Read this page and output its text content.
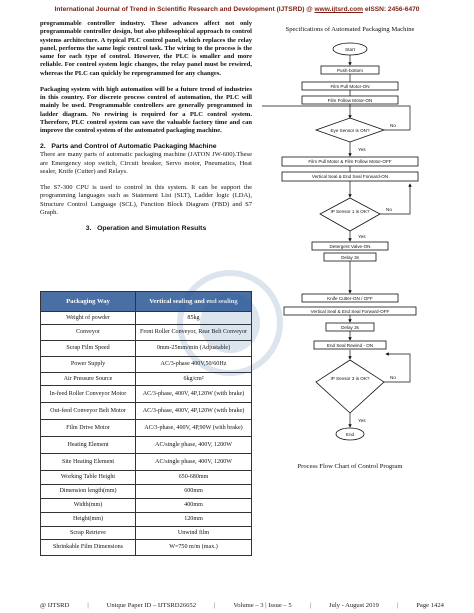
International Journal of Trend in Scientific Research and Development (IJTSRD) @ www.ijtsrd.com eISSN: 2456-6470

programmable controller industry. These advances affect not only programmable controller design, but also philosophical approach to control systems architecture. A typical PLC control panel, which replaces the relay panel, performs the same logic control task. The wiring to the process is the same for each type of control. However, the PLC is smaller and more reliable. For control system logic changes, the relay panel must be rewired, whereas the PLC can quickly be reprogrammed for any changes.

Packaging system with high automation will be a future trend of industries in this country. For discrete process control of automation, the PLC will mainly be used. Programmable controllers are generally programmed in ladder diagram. No rewiring is required for a PLC control system. Therefore, PLC control system can save the valuable factory time and can improve the control system of the automated packaging machine.

2.   Parts and Control of Automatic Packaging Machine

There are many parts of automatic packaging machine (JATON JW-600).These are Emergency stop switch, Circuit breaker, Servo motor, Pneumatics, Heat sealer, Knife (Cutter) and Relays.

The S7-300 CPU is used to control in this system. It can be support the programming languages such as Statement List (SLT), Ladder logic (LDA), Structure Control Language (SCL), Function Block Diagram (FBD) and S7 Graph.

3.   Operation and Simulation Results
Packaging Way	Vertical sealing and end sealing
Weight of powder	85kg
Conveyor	Front Roller Conveyor, Rear Belt Conveyor
Scrap Film Speed	0mm-25mm/min (Adjustable)
Power Supply	AC/3-phase 400V,50/60Hz
Air Pressure Source	6kg/cm²
In-feed Roller Conveyor Motor	AC/3-phase, 400V, 4P,120W (with brake)
Out-feed Conveyor Belt Motor	AC/3-phase, 400V, 4P,120W (with brake)
Film Drive Motor	AC/3-phase, 400V, 4P,90W (with brake)
Heating Element	AC/single phase, 400V, 1200W
Site Heating Element	AC/single phase, 400V, 1200W
Working Table Height	650-680mm
Dimension length(mm)	600mm
Width(mm)	400mm
Height(mm)	120mm
Scrap Retrieve	Unwind film
Shrinkable Film Dimensions	W=750 m/m (max.)
Specifications of Automated Packaging Machine
Start
Push-bottom
Film Pull Motor-ON
Film Follow Motor-ON
Eye Sensor is ON?
Yes
No
Film Pull Motor & Film Follow Motor-OFF
Vertical Seal & End Seal Forward-ON
IP Sensor 1 is OK?	No
Yes
Detergent Valve-ON
Delay 3s
Knife Cutter-ON / OFF
Vertical Seal & End Seal Forward-OFF
Delay 3s
End Seal Rewind - ON
IP Sensor 3 is OK?	No
Yes
End
Process Flow Chart of Control Program
@ IJTSRD	|	Unique Paper ID – IJTSRD26652	|	Volume – 3 | Issue – 5	|	July - August 2019	|	Page 1424
